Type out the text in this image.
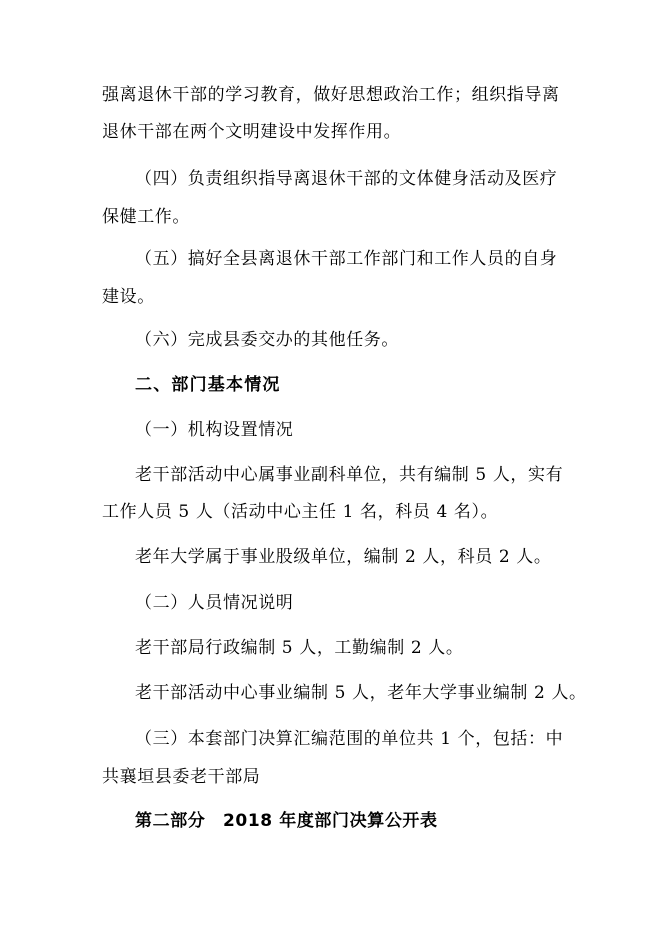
强离退休干部的学习教育，做好思想政治工作；组织指导离
退休干部在两个文明建设中发挥作用。
（四）负责组织指导离退休干部的文体健身活动及医疗
保健工作。
（五）搞好全县离退休干部工作部门和工作人员的自身
建设。
（六）完成县委交办的其他任务。
二、部门基本情况
（一）机构设置情况
老干部活动中心属事业副科单位，共有编制 5 人，实有
工作人员 5 人（活动中心主任 1 名，科员 4 名）。
老年大学属于事业股级单位，编制 2 人，科员 2 人。
（二）人员情况说明
老干部局行政编制 5 人，工勤编制 2 人。
老干部活动中心事业编制 5 人，老年大学事业编制 2 人。
（三）本套部门决算汇编范围的单位共 1 个，包括：中
共襄垣县委老干部局
第二部分　2018 年度部门决算公开表
